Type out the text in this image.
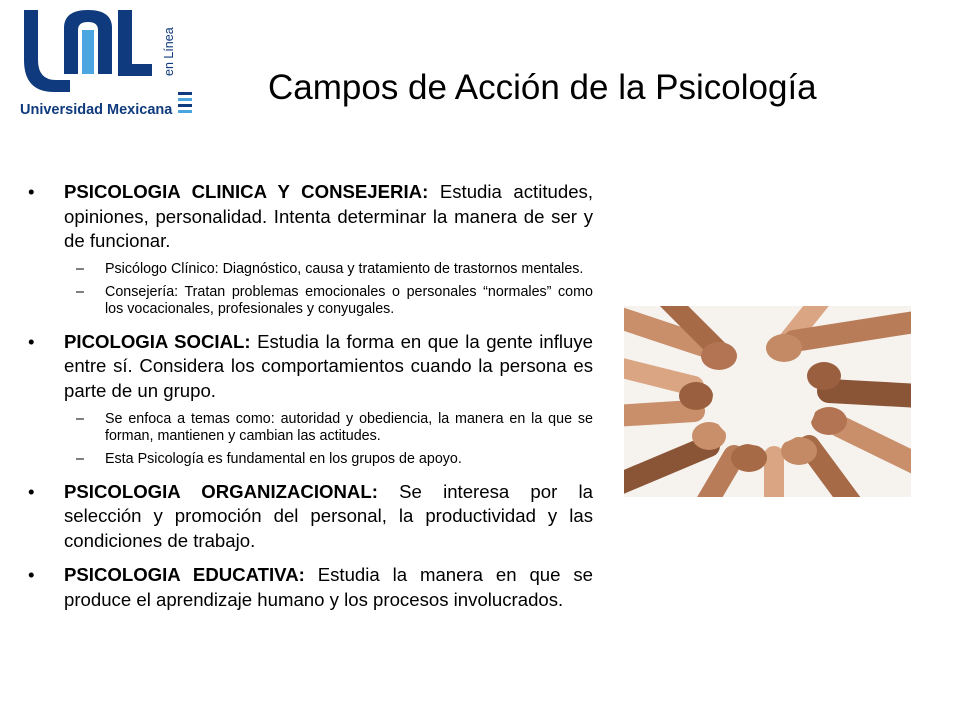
en Línea
Universidad Mexicana
Campos de Acción de la Psicología
• PSICOLOGIA CLINICA Y CONSEJERIA: Estudia actitudes, opiniones, personalidad. Intenta determinar la manera de ser y de funcionar.
– Psicólogo Clínico: Diagnóstico, causa y tratamiento de trastornos mentales.
– Consejería: Tratan problemas emocionales o personales “normales” como los vocacionales, profesionales y conyugales.
• PICOLOGIA SOCIAL: Estudia la forma en que la gente influye entre sí. Considera los comportamientos cuando la persona es parte de un grupo.
– Se enfoca a temas como: autoridad y obediencia, la manera en la que se forman, mantienen y cambian las actitudes.
– Esta Psicología es fundamental en los grupos de apoyo.
• PSICOLOGIA ORGANIZACIONAL: Se interesa por la selección y promoción del personal, la productividad y las condiciones de trabajo.
• PSICOLOGIA EDUCATIVA: Estudia la manera en que se produce el aprendizaje humano y los procesos involucrados.
